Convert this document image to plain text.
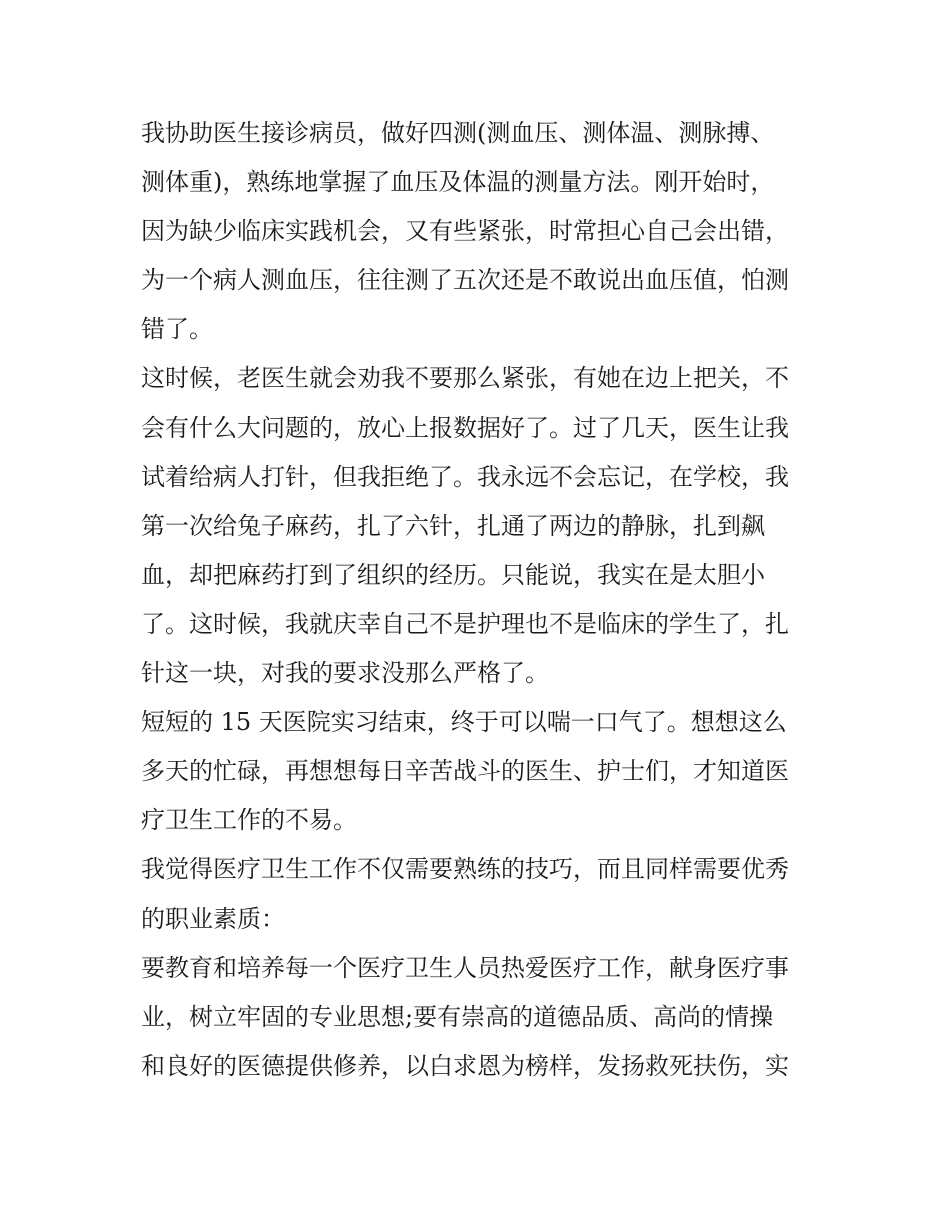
我协助医生接诊病员，做好四测(测血压、测体温、测脉搏、
测体重)，熟练地掌握了血压及体温的测量方法。刚开始时，
因为缺少临床实践机会，又有些紧张，时常担心自己会出错，
为一个病人测血压，往往测了五次还是不敢说出血压值，怕测
错了。
这时候，老医生就会劝我不要那么紧张，有她在边上把关，不
会有什么大问题的，放心上报数据好了。过了几天，医生让我
试着给病人打针，但我拒绝了。我永远不会忘记，在学校，我
第一次给兔子麻药，扎了六针，扎通了两边的静脉，扎到飙
血，却把麻药打到了组织的经历。只能说，我实在是太胆小
了。这时候，我就庆幸自己不是护理也不是临床的学生了，扎
针这一块，对我的要求没那么严格了。
短短的 15 天医院实习结束，终于可以喘一口气了。想想这么
多天的忙碌，再想想每日辛苦战斗的医生、护士们，才知道医
疗卫生工作的不易。
我觉得医疗卫生工作不仅需要熟练的技巧，而且同样需要优秀
的职业素质：
要教育和培养每一个医疗卫生人员热爱医疗工作，献身医疗事
业，树立牢固的专业思想;要有崇高的道德品质、高尚的情操
和良好的医德提供修养，以白求恩为榜样，发扬救死扶伤，实
